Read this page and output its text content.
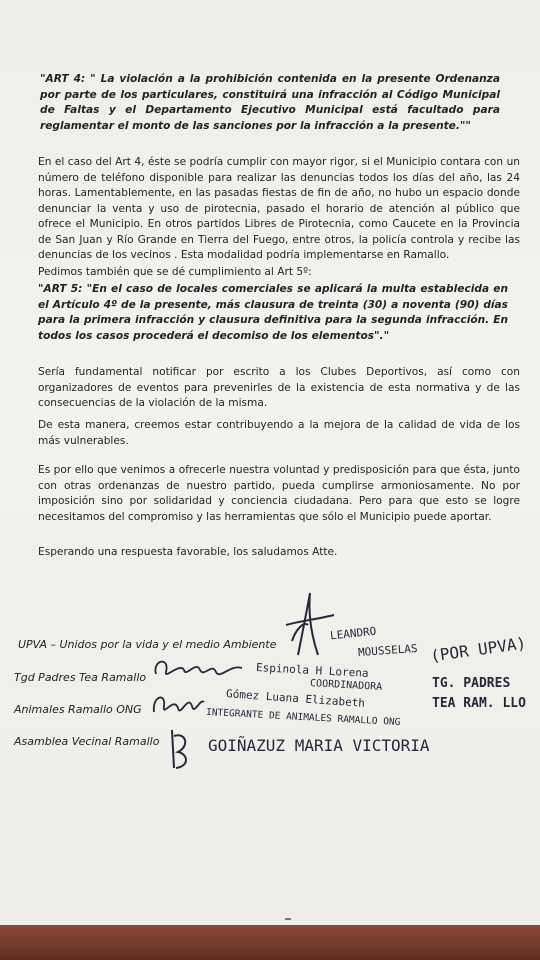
"ART 4: " La violación a la prohibición contenida en la presente Ordenanza por parte de los particulares, constituirá una infracción al Código Municipal de Faltas y el Departamento Ejecutivo Municipal está facultado para reglamentar el monto de las sanciones por la infracción a la presente.""

En el caso del Art 4, éste se podría cumplir con mayor rigor, si el Municipio contara con un número de teléfono disponible para realizar las denuncias todos los días del año, las 24 horas. Lamentablemente, en las pasadas fiestas de fin de año, no hubo un espacio donde denunciar la venta y uso de pirotecnia, pasado el horario de atención al público que ofrece el Municipio. En otros partidos Libres de Pirotecnia, como Caucete en la Provincia de San Juan y Río Grande en Tierra del Fuego, entre otros, la policía controla y recibe las denuncias de los vecinos . Esta modalidad podría implementarse en Ramallo.

Pedimos también que se dé cumplimiento al Art 5º:

"ART 5: "En el caso de locales comerciales se aplicará la multa establecida en el Artículo 4º de la presente, más clausura de treinta (30) a noventa (90) días para la primera infracción y clausura definitiva para la segunda infracción. En todos los casos procederá el decomiso de los elementos"."

Sería fundamental notificar por escrito a los Clubes Deportivos, así como con organizadores de eventos para prevenirles de la existencia de esta normativa y de las consecuencias de la violación de la misma.

De esta manera, creemos estar contribuyendo a la mejora de la calidad de vida de los más vulnerables.

Es por ello que venimos a ofrecerle nuestra voluntad y predisposición para que ésta, junto con otras ordenanzas de nuestro partido, pueda cumplirse armoniosamente. No por imposición sino por solidaridad y conciencia ciudadana. Pero para que esto se logre necesitamos del compromiso y las herramientas que sólo el Municipio puede aportar.

Esperando una respuesta favorable, los saludamos Atte.

UPVA – Unidos por la vida y el medio Ambiente
Tgd Padres Tea Ramallo
Animales Ramallo ONG
Asamblea Vecinal Ramallo
LEANDRO
MOUSSELAS (POR UPVA)
Espinola H Lorena
COORDINADORA	TG. PADRES
TEA RAM. LLO
Gómez Luana Elizabeth
INTEGRANTE DE ANIMALES RAMALLO ONG
GOIÑAZUZ MARIA VICTORIA
